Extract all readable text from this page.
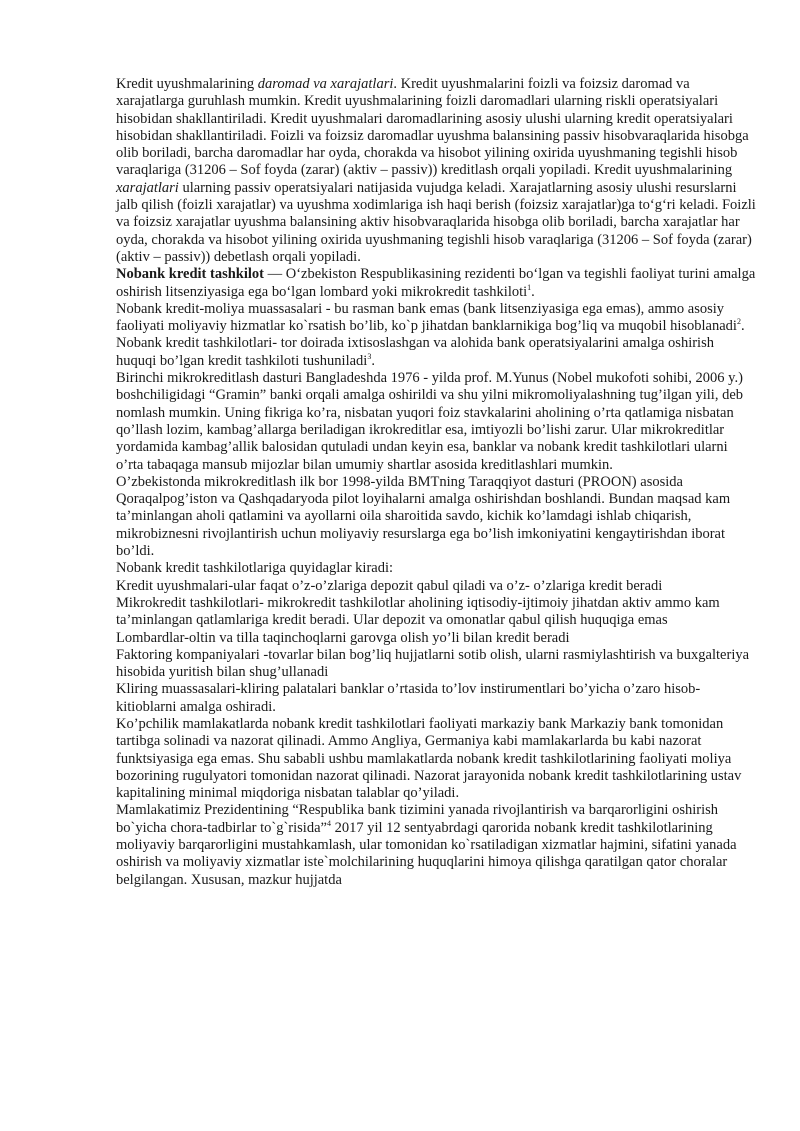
Kredit uyushmalarining daromad va xarajatlari. Kredit uyushmalarini foizli va foizsiz daromad va xarajatlarga guruhlash mumkin. Kredit uyushmalarining foizli daromadlari ularning riskli operatsiyalari hisobidan shakllantiriladi. Kredit uyushmalari daromadlarining asosiy ulushi ularning kredit operatsiyalari hisobidan shakllantiriladi. Foizli va foizsiz daromadlar uyushma balansining passiv hisobvaraqlarida hisobga olib boriladi, barcha daromadlar har oyda, chorakda va hisobot yilining oxirida uyushmaning tegishli hisob varaqlariga (31206 – Sof foyda (zarar) (aktiv – passiv)) kreditlash orqali yopiladi. Kredit uyushmalarining xarajatlari ularning passiv operatsiyalari natijasida vujudga keladi. Xarajatlarning asosiy ulushi resurslarni jalb qilish (foizli xarajatlar) va uyushma xodimlariga ish haqi berish (foizsiz xarajatlar)ga to‘g‘ri keladi. Foizli va foizsiz xarajatlar uyushma balansining aktiv hisobvaraqlarida hisobga olib boriladi, barcha xarajatlar har oyda, chorakda va hisobot yilining oxirida uyushmaning tegishli hisob varaqlariga (31206 – Sof foyda (zarar) (aktiv – passiv)) debetlash orqali yopiladi.

Nobank kredit tashkilot — O‘zbekiston Respublikasining rezidenti bo‘lgan va tegishli faoliyat turini amalga oshirish litsenziyasiga ega bo‘lgan lombard yoki mikrokredit tashkiloti$^1$.

Nobank kredit-moliya muassasalari - bu rasman bank emas (bank litsenziyasiga ega emas), ammo asosiy faoliyati moliyaviy hizmatlar ko`rsatish bo’lib, ko`p jihatdan banklarnikiga bog’liq va muqobil hisoblanadi$^2$.

Nobank kredit tashkilotlari- tor doirada ixtisoslashgan va alohida bank operatsiyalarini amalga oshirish huquqi bo’lgan kredit tashkiloti tushuniladi$^3$.

Birinchi mikrokreditlash dasturi Bangladeshda 1976 - yilda prof. M.Yunus (Nobel mukofoti sohibi, 2006 y.) boshchiligidagi “Gramin” banki orqali amalga oshirildi va shu yilni mikromoliyalashning tug’ilgan yili, deb nomlash mumkin. Uning fikriga ko’ra, nisbatan yuqori foiz stavkalarini aholining o’rta qatlamiga nisbatan qo’llash lozim, kambag’allarga beriladigan ikrokreditlar esa, imtiyozli bo’lishi zarur. Ular mikrokreditlar yordamida kambag’allik balosidan qutuladi undan keyin esa, banklar va nobank kredit tashkilotlari ularni o’rta tabaqaga mansub mijozlar bilan umumiy shartlar asosida kreditlashlari mumkin.

O’zbekistonda mikrokreditlash ilk bor 1998-yilda BMTning Taraqqiyot dasturi (PROON) asosida Qoraqalpog’iston va Qashqadaryoda pilot loyihalarni amalga oshirishdan boshlandi. Bundan maqsad kam ta’minlangan aholi qatlamini va ayollarni oila sharoitida savdo, kichik ko’lamdagi ishlab chiqarish, mikrobiznesni rivojlantirish uchun moliyaviy resurslarga ega bo’lish imkoniyatini kengaytirishdan iborat bo’ldi.

Nobank kredit tashkilotlariga quyidaglar kiradi:

Kredit uyushmalari-ular faqat o’z-o’zlariga depozit qabul qiladi va o’z- o’zlariga kredit beradi

Mikrokredit tashkilotlari- mikrokredit tashkilotlar aholining iqtisodiy-ijtimoiy jihatdan aktiv ammo kam ta’minlangan qatlamlariga kredit beradi. Ular depozit va omonatlar qabul qilish huquqiga emas

Lombardlar-oltin va tilla taqinchoqlarni garovga olish yo’li bilan kredit beradi

Faktoring kompaniyalari -tovarlar bilan bog’liq hujjatlarni sotib olish, ularni rasmiylashtirish va buxgalteriya hisobida yuritish bilan shug’ullanadi

Kliring muassasalari-kliring palatalari banklar o’rtasida to’lov instirumentlari bo’yicha o’zaro hisob-kitioblarni amalga oshiradi.

Ko’pchilik mamlakatlarda nobank kredit tashkilotlari faoliyati markaziy bank Markaziy bank tomonidan tartibga solinadi va nazorat qilinadi. Ammo Angliya, Germaniya kabi mamlakarlarda bu kabi nazorat funktsiyasiga ega emas. Shu sababli ushbu mamlakatlarda nobank kredit tashkilotlarining faoliyati moliya bozorining rugulyatori tomonidan nazorat qilinadi. Nazorat jarayonida nobank kredit tashkilotlarining ustav kapitalining minimal miqdoriga nisbatan talablar qo’yiladi.

Mamlakatimiz Prezidentining “Respublika bank tizimini yanada rivojlantirish va barqarorligini oshirish bo`yicha chora-tadbirlar to`g`risida”$^4$ 2017 yil 12 sentyabrdagi qarorida nobank kredit tashkilotlarining moliyaviy barqarorligini mustahkamlash, ular tomonidan ko`rsatiladigan xizmatlar hajmini, sifatini yanada oshirish va moliyaviy xizmatlar iste`molchilarining huquqlarini himoya qilishga qaratilgan qator choralar belgilangan. Xususan, mazkur hujjatda
